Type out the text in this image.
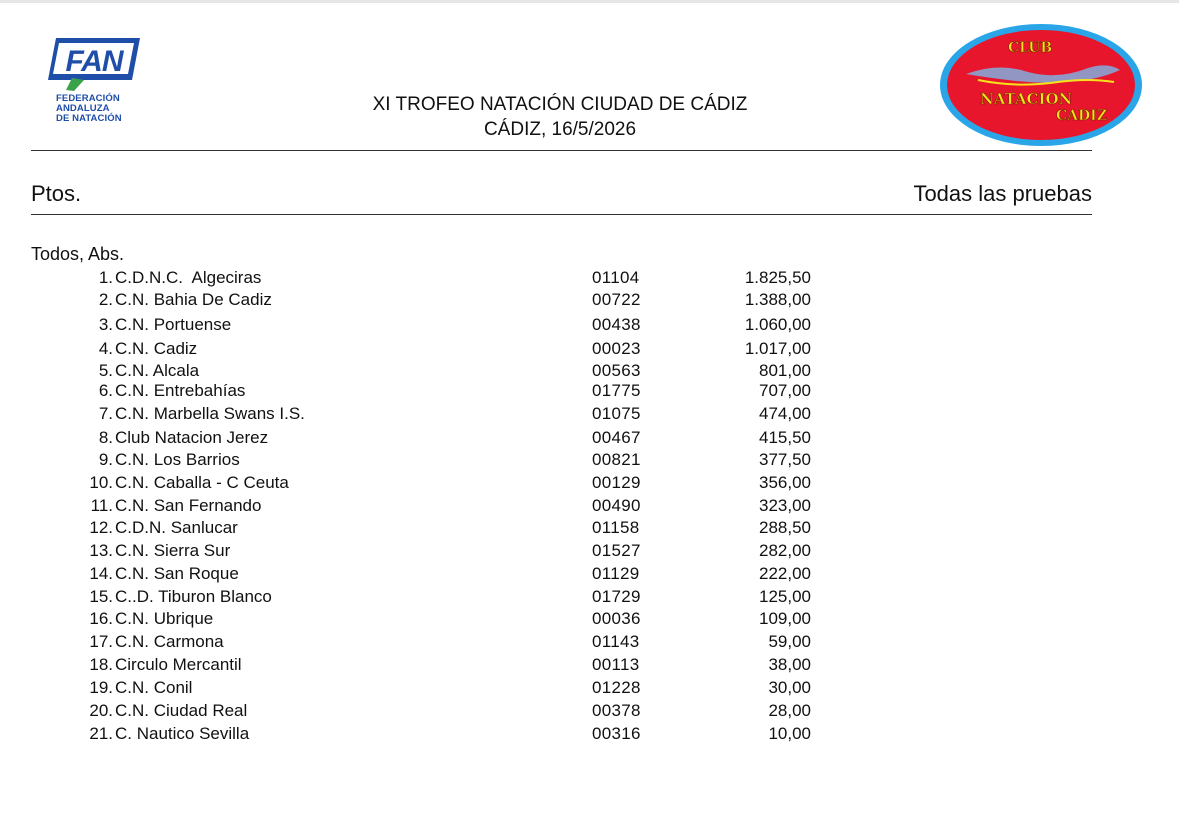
FAN
FEDERACIÓN
ANDALUZA
DE NATACIÓN
XI TROFEO NATACIÓN CIUDAD DE CÁDIZ
CÁDIZ, 16/5/2026
CLUB
NATACION
CADIZ
Ptos.	Todas las pruebas
Todos, Abs.
1. C.D.N.C.  Algeciras	01104	1.825,50
2. C.N. Bahia De Cadiz	00722	1.388,00
3. C.N. Portuense	00438	1.060,00
4. C.N. Cadiz	00023	1.017,00
5. C.N. Alcala	00563	801,00
6. C.N. Entrebahías	01775	707,00
7. C.N. Marbella Swans I.S.	01075	474,00
8. Club Natacion Jerez	00467	415,50
9. C.N. Los Barrios	00821	377,50
10. C.N. Caballa - C Ceuta	00129	356,00
11. C.N. San Fernando	00490	323,00
12. C.D.N. Sanlucar	01158	288,50
13. C.N. Sierra Sur	01527	282,00
14. C.N. San Roque	01129	222,00
15. C..D. Tiburon Blanco	01729	125,00
16. C.N. Ubrique	00036	109,00
17. C.N. Carmona	01143	59,00
18. Circulo Mercantil	00113	38,00
19. C.N. Conil	01228	30,00
20. C.N. Ciudad Real	00378	28,00
21. C. Nautico Sevilla	00316	10,00
